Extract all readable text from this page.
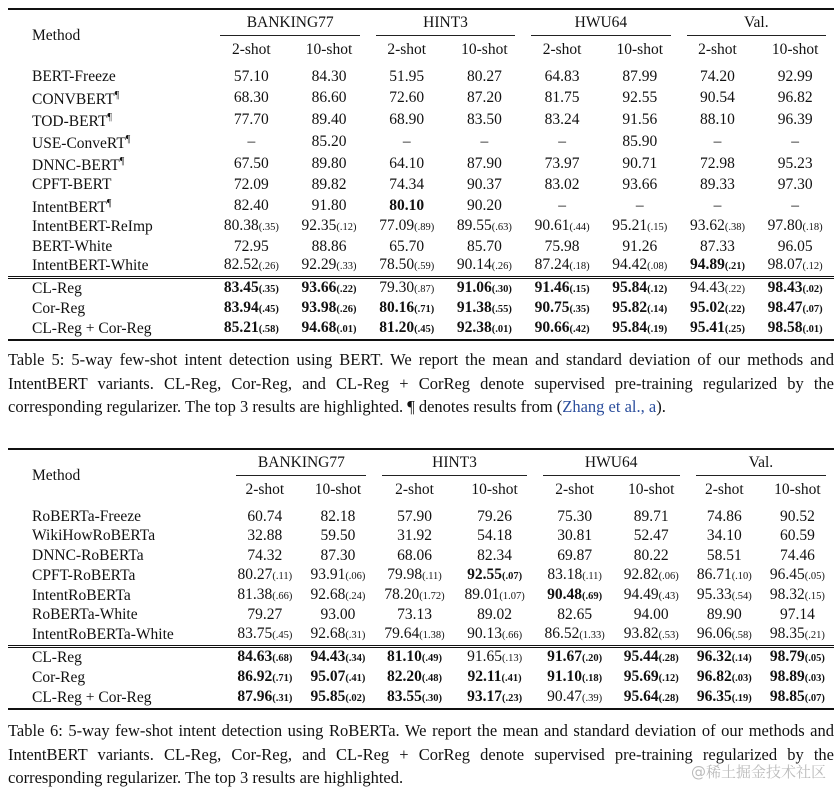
Method	BANKING77		HINT3		HWU64		Val.	

	2-shot	10-shot	2-shot	10-shot	2-shot	10-shot	2-shot	10-shot
BERT-Freeze	57.10	84.30	51.95	80.27	64.83	87.99	74.20	92.99
CONVBERT¶	68.30	86.60	72.60	87.20	81.75	92.55	90.54	96.82
TOD-BERT¶	77.70	89.40	68.90	83.50	83.24	91.56	88.10	96.39
USE-ConveRT¶	–	85.20	–	–	–	85.90	–	–
DNNC-BERT¶	67.50	89.80	64.10	87.90	73.97	90.71	72.98	95.23
CPFT-BERT	72.09	89.82	74.34	90.37	83.02	93.66	89.33	97.30
IntentBERT¶	82.40	91.80	80.10	90.20	–	–	–	–
IntentBERT-ReImp	80.38(.35)	92.35(.12)	77.09(.89)	89.55(.63)	90.61(.44)	95.21(.15)	93.62(.38)	97.80(.18)
BERT-White	72.95	88.86	65.70	85.70	75.98	91.26	87.33	96.05
IntentBERT-White	82.52(.26)	92.29(.33)	78.50(.59)	90.14(.26)	87.24(.18)	94.42(.08)	94.89(.21)	98.07(.12)
CL-Reg	83.45(.35)	93.66(.22)	79.30(.87)	91.06(.30)	91.46(.15)	95.84(.12)	94.43(.22)	98.43(.02)
Cor-Reg	83.94(.45)	93.98(.26)	80.16(.71)	91.38(.55)	90.75(.35)	95.82(.14)	95.02(.22)	98.47(.07)
CL-Reg + Cor-Reg	85.21(.58)	94.68(.01)	81.20(.45)	92.38(.01)	90.66(.42)	95.84(.19)	95.41(.25)	98.58(.01)
Table 5: 5-way few-shot intent detection using BERT. We report the mean and standard deviation of our methods and IntentBERT variants. CL-Reg, Cor-Reg, and CL-Reg + CorReg denote supervised pre-training regularized by the corresponding regularizer. The top 3 results are highlighted. ¶ denotes results from (Zhang et al., a).
Method	BANKING77		HINT3		HWU64		Val.	

	2-shot	10-shot	2-shot	10-shot	2-shot	10-shot	2-shot	10-shot
RoBERTa-Freeze	60.74	82.18	57.90	79.26	75.30	89.71	74.86	90.52
WikiHowRoBERTa	32.88	59.50	31.92	54.18	30.81	52.47	34.10	60.59
DNNC-RoBERTa	74.32	87.30	68.06	82.34	69.87	80.22	58.51	74.46
CPFT-RoBERTa	80.27(.11)	93.91(.06)	79.98(.11)	92.55(.07)	83.18(.11)	92.82(.06)	86.71(.10)	96.45(.05)
IntentRoBERTa	81.38(.66)	92.68(.24)	78.20(1.72)	89.01(1.07)	90.48(.69)	94.49(.43)	95.33(.54)	98.32(.15)
RoBERTa-White	79.27	93.00	73.13	89.02	82.65	94.00	89.90	97.14
IntentRoBERTa-White	83.75(.45)	92.68(.31)	79.64(1.38)	90.13(.66)	86.52(1.33)	93.82(.53)	96.06(.58)	98.35(.21)
CL-Reg	84.63(.68)	94.43(.34)	81.10(.49)	91.65(.13)	91.67(.20)	95.44(.28)	96.32(.14)	98.79(.05)
Cor-Reg	86.92(.71)	95.07(.41)	82.20(.48)	92.11(.41)	91.10(.18)	95.69(.12)	96.82(.03)	98.89(.03)
CL-Reg + Cor-Reg	87.96(.31)	95.85(.02)	83.55(.30)	93.17(.23)	90.47(.39)	95.64(.28)	96.35(.19)	98.85(.07)
Table 6: 5-way few-shot intent detection using RoBERTa. We report the mean and standard deviation of our methods and IntentBERT variants. CL-Reg, Cor-Reg, and CL-Reg + CorReg denote supervised pre-training regularized by the corresponding regularizer. The top 3 results are highlighted.	@稀土掘金技术社区
